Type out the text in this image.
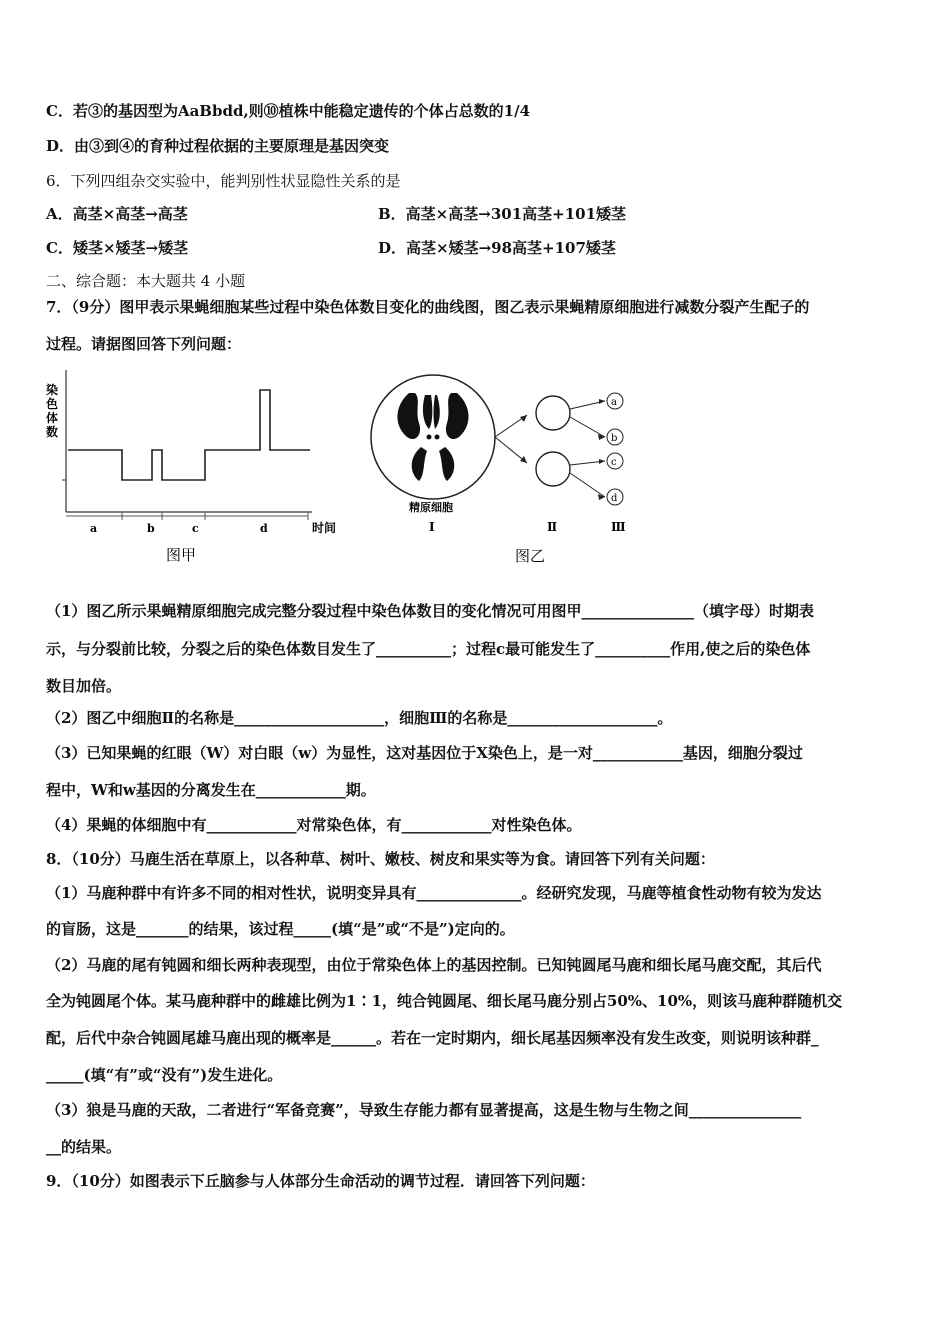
C．若③的基因型为AaBbdd,则⑩植株中能稳定遗传的个体占总数的1/4
D．由③到④的育种过程依据的主要原理是基因突变
6．下列四组杂交实验中，能判别性状显隐性关系的是
A．高茎×高茎→高茎	B．高茎×高茎→301高茎+101矮茎
C．矮茎×矮茎→矮茎	D．高茎×矮茎→98高茎+107矮茎
二、综合题：本大题共 4 小题
7．（9分）图甲表示果蝇细胞某些过程中染色体数目变化的曲线图，图乙表示果蝇精原细胞进行减数分裂产生配子的
过程。请据图回答下列问题：
染
色
体
数
a	b	c	d	时间
图甲
a
b
c
d
精原细胞
Ⅰ	Ⅱ	Ⅲ
图乙
（1）图乙所示果蝇精原细胞完成完整分裂过程中染色体数目的变化情况可用图甲_______________（填字母）时期表
示，与分裂前比较，分裂之后的染色体数目发生了__________；过程c最可能发生了__________作用,使之后的染色体
数目加倍。
（2）图乙中细胞Ⅱ的名称是____________________，细胞Ⅲ的名称是____________________。
（3）已知果蝇的红眼（W）对白眼（w）为显性，这对基因位于X染色上，是一对____________基因，细胞分裂过
程中，W和w基因的分离发生在____________期。
（4）果蝇的体细胞中有____________对常染色体，有____________对性染色体。
8．（10分）马鹿生活在草原上，以各种草、树叶、嫩枝、树皮和果实等为食。请回答下列有关问题：
（1）马鹿种群中有许多不同的相对性状，说明变异具有______________。经研究发现，马鹿等植食性动物有较为发达
的盲肠，这是_______的结果，该过程_____(填“是”或“不是”)定向的。
（2）马鹿的尾有钝圆和细长两种表现型，由位于常染色体上的基因控制。已知钝圆尾马鹿和细长尾马鹿交配，其后代
全为钝圆尾个体。某马鹿种群中的雌雄比例为1∶1，纯合钝圆尾、细长尾马鹿分别占50%、10%，则该马鹿种群随机交
配，后代中杂合钝圆尾雄马鹿出现的概率是______。若在一定时期内，细长尾基因频率没有发生改变，则说明该种群_
_____(填“有”或“没有”)发生进化。
（3）狼是马鹿的天敌，二者进行“军备竞赛”，导致生存能力都有显著提高，这是生物与生物之间_______________
__的结果。
9．（10分）如图表示下丘脑参与人体部分生命活动的调节过程．请回答下列问题：
